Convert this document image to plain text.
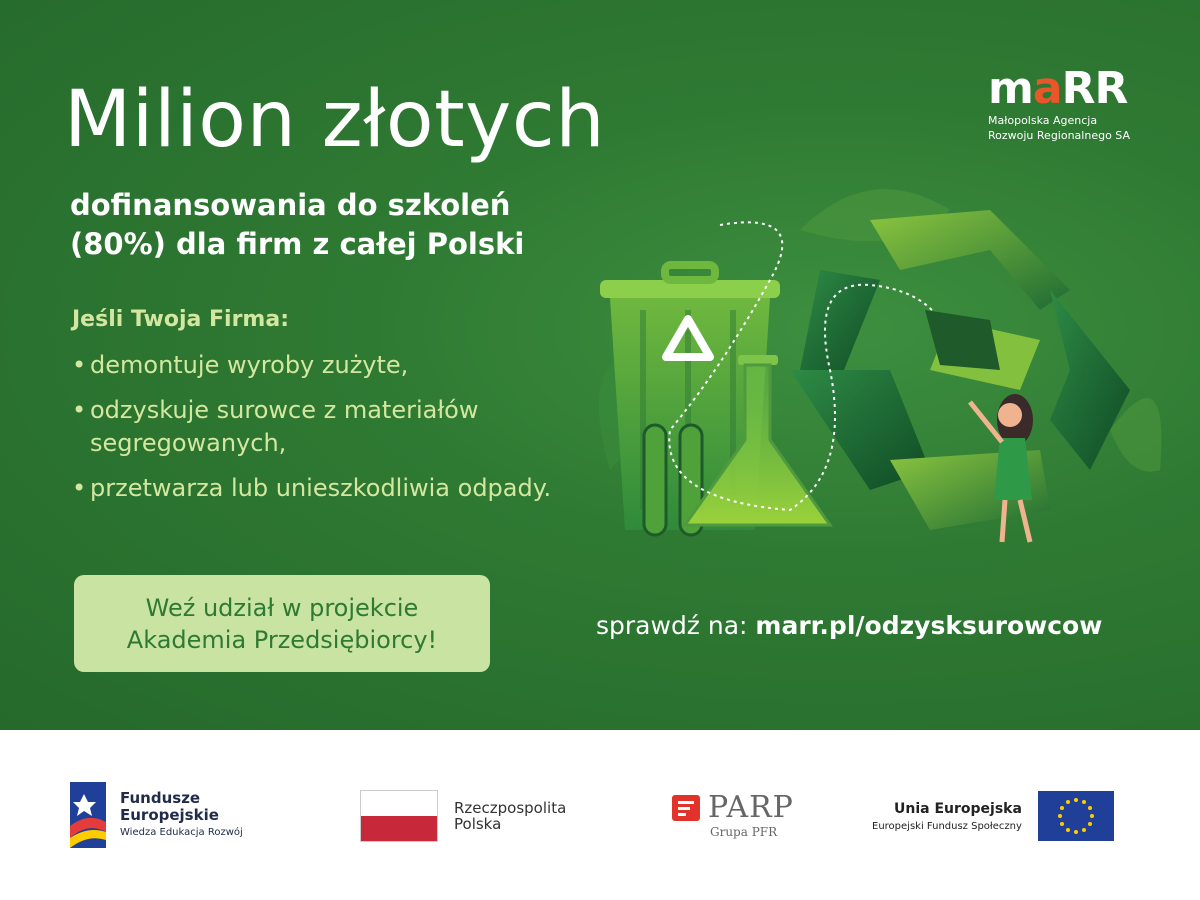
Milion złotych
dofinansowania do szkoleń (80%) dla firm z całej Polski
Jeśli Twoja Firma:
• demontuje wyroby zużyte,
• odzyskuje surowce z materiałów segregowanych,
• przetwarza lub unieszkodliwia odpady.
Weź udział w projekcie
Akademia Przedsiębiorcy!	sprawdź na: marr.pl/odzysksurowcow
maRR
Małopolska Agencja
Rozwoju Regionalnego SA
Fundusze
Europejskie
Wiedza Edukacja Rozwój
Rzeczpospolita
Polska	PARP
Grupa PFR
Unia Europejska
Europejski Fundusz Społeczny
